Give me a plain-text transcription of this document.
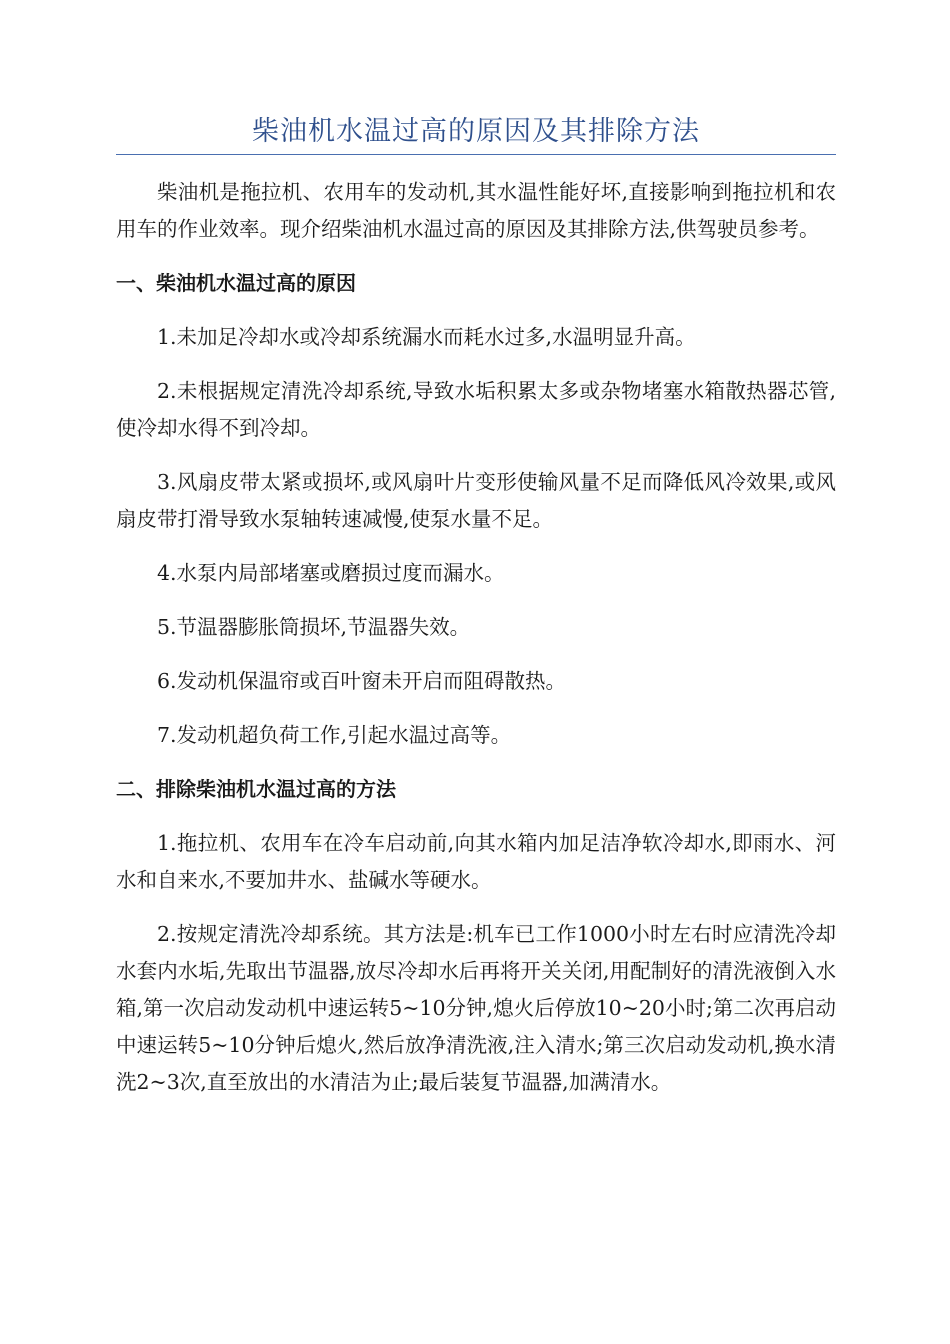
柴油机水温过高的原因及其排除方法

柴油机是拖拉机、农用车的发动机,其水温性能好坏,直接影响到拖拉机和农用车的作业效率。现介绍柴油机水温过高的原因及其排除方法,供驾驶员参考。

一、柴油机水温过高的原因

1.未加足冷却水或冷却系统漏水而耗水过多,水温明显升高。

2.未根据规定清洗冷却系统,导致水垢积累太多或杂物堵塞水箱散热器芯管,使冷却水得不到冷却。

3.风扇皮带太紧或损坏,或风扇叶片变形使输风量不足而降低风冷效果,或风扇皮带打滑导致水泵轴转速减慢,使泵水量不足。

4.水泵内局部堵塞或磨损过度而漏水。

5.节温器膨胀筒损坏,节温器失效。

6.发动机保温帘或百叶窗未开启而阻碍散热。

7.发动机超负荷工作,引起水温过高等。

二、排除柴油机水温过高的方法

1.拖拉机、农用车在冷车启动前,向其水箱内加足洁净软冷却水,即雨水、河水和自来水,不要加井水、盐碱水等硬水。

2.按规定清洗冷却系统。其方法是:机车已工作1000小时左右时应清洗冷却水套内水垢,先取出节温器,放尽冷却水后再将开关关闭,用配制好的清洗液倒入水箱,第一次启动发动机中速运转5~10分钟,熄火后停放10~20小时;第二次再启动中速运转5~10分钟后熄火,然后放净清洗液,注入清水;第三次启动发动机,换水清洗2~3次,直至放出的水清洁为止;最后装复节温器,加满清水。
